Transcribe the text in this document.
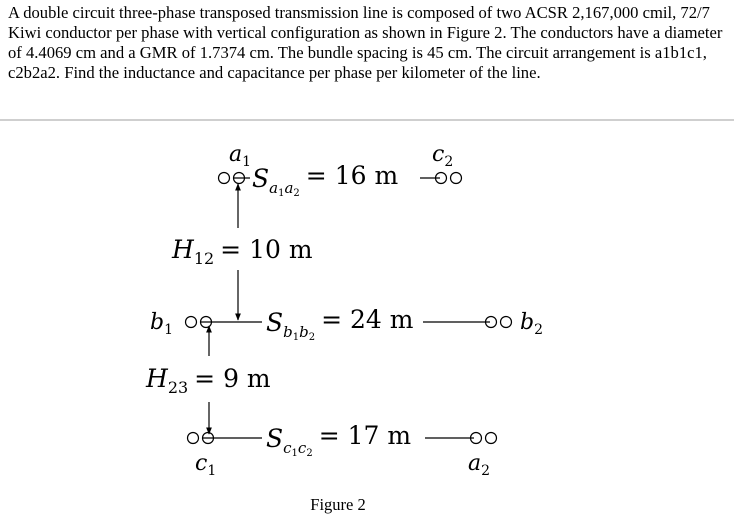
A double circuit three-phase transposed transmission line is composed of two ACSR 2,167,000 cmil, 72/7 Kiwi conductor per phase with vertical configuration as shown in Figure 2. The conductors have a diameter of 4.4069 cm and a GMR of 1.7374 cm. The bundle spacing is 45 cm. The circuit arrangement is a1b1c1, c2b2a2. Find the inductance and capacitance per phase per kilometer of the line.
$a_1$	$c_2$
$S_a1a2= 16$ m
$H_{12} = 10$ m
$b_1$	$S_b1b2= 24$ m	$b_2$
$H_{23} = 9$ m
$S_c1c2= 17$ m
$c_1$	$a_2$
Figure 2
